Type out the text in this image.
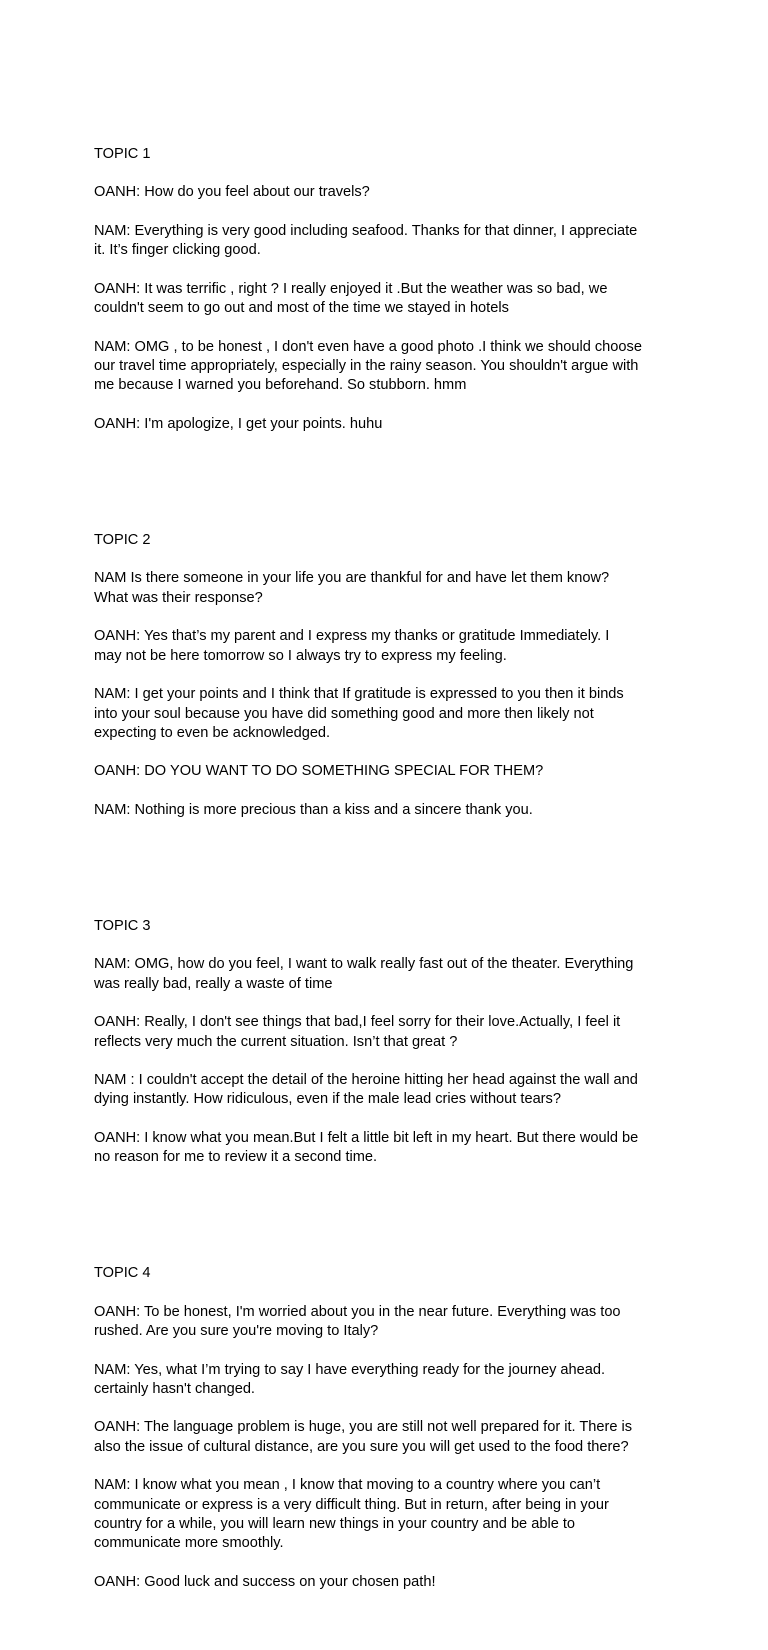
TOPIC 1

OANH: How do you feel about our travels?

NAM: Everything is very good including seafood. Thanks for that dinner, I appreciate
it. It’s finger clicking good.

OANH: It was terrific , right ? I really enjoyed it .But the weather was so bad, we
couldn't seem to go out and most of the time we stayed in hotels

NAM: OMG , to be honest , I don't even have a good photo .I think we should choose
our travel time appropriately, especially in the rainy season. You shouldn't argue with
me because I warned you beforehand. So stubborn. hmm

OANH: I'm apologize, I get your points. huhu

TOPIC 2

NAM Is there someone in your life you are thankful for and have let them know?
What was their response?

OANH: Yes that’s my parent and I express my thanks or gratitude Immediately. I
may not be here tomorrow so I always try to express my feeling.

NAM: I get your points and I think that If gratitude is expressed to you then it binds
into your soul because you have did something good and more then likely not
expecting to even be acknowledged.

OANH: DO YOU WANT TO DO SOMETHING SPECIAL FOR THEM?

NAM: Nothing is more precious than a kiss and a sincere thank you.

TOPIC 3

NAM: OMG, how do you feel, I want to walk really fast out of the theater. Everything
was really bad, really a waste of time

OANH: Really, I don't see things that bad,I feel sorry for their love.Actually, I feel it
reflects very much the current situation. Isn’t that great ?

NAM : I couldn't accept the detail of the heroine hitting her head against the wall and
dying instantly. How ridiculous, even if the male lead cries without tears?

OANH: I know what you mean.But I felt a little bit left in my heart. But there would be
no reason for me to review it a second time.

TOPIC 4

OANH: To be honest, I'm worried about you in the near future. Everything was too
rushed. Are you sure you're moving to Italy?

NAM: Yes, what I’m trying to say I have everything ready for the journey ahead.
certainly hasn't changed.

OANH: The language problem is huge, you are still not well prepared for it. There is
also the issue of cultural distance, are you sure you will get used to the food there?

NAM: I know what you mean , I know that moving to a country where you can’t
communicate or express is a very difficult thing. But in return, after being in your
country for a while, you will learn new things in your country and be able to
communicate more smoothly.

OANH: Good luck and success on your chosen path!
